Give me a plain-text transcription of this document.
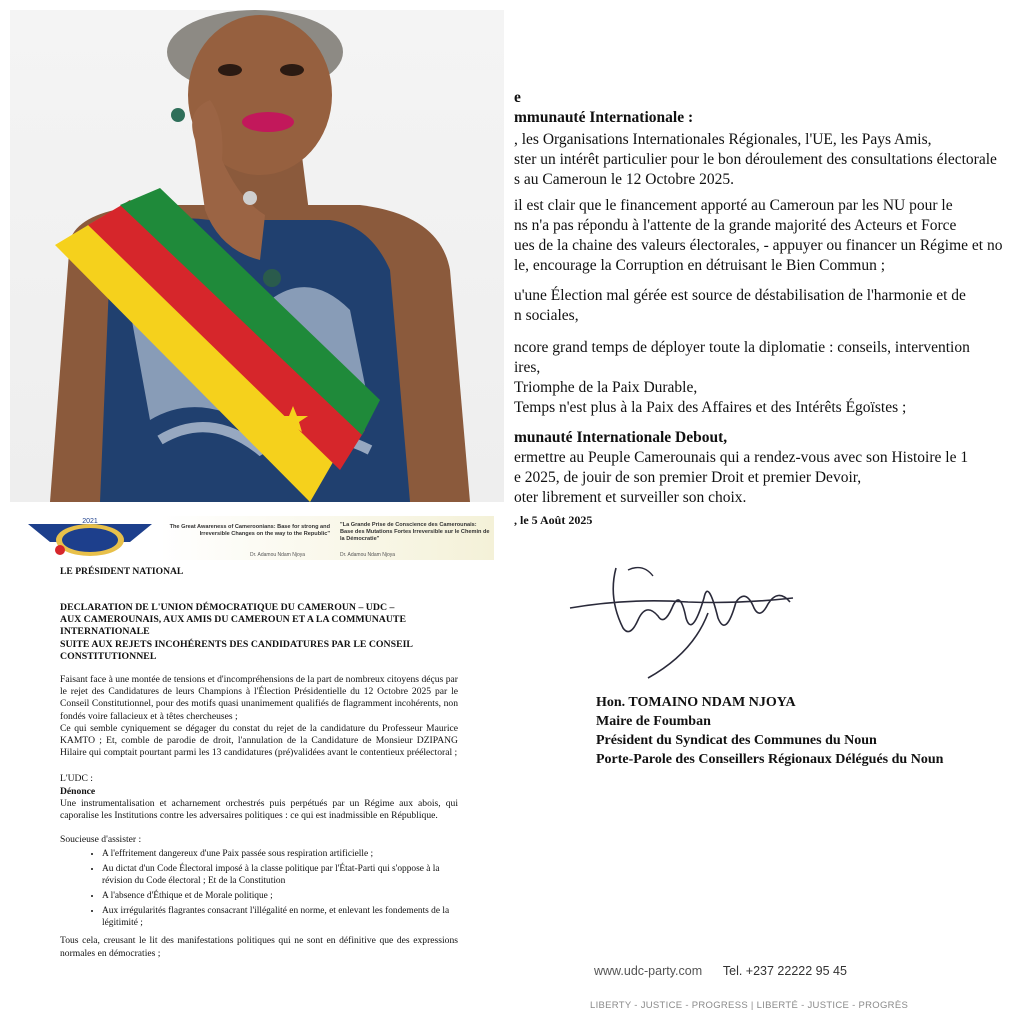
e

mmunauté Internationale :

, les Organisations Internationales Régionales, l'UE, les Pays Amis,

ster un intérêt particulier pour le bon déroulement des consultations électorale

s au Cameroun le 12 Octobre 2025.

il est clair que le financement apporté au Cameroun par les NU pour le

ns n'a pas répondu à l'attente de la grande majorité des Acteurs et Force

ues de la chaine des valeurs électorales, - appuyer ou financer un Régime et no

le, encourage la Corruption en détruisant le Bien Commun ;

u'une Élection mal gérée est source de déstabilisation de l'harmonie et de

n sociales,

ncore grand temps de déployer toute la diplomatie : conseils, intervention

ires,

Triomphe de la Paix Durable,

Temps n'est plus à la Paix des Affaires et des Intérêts Égoïstes ;

munauté Internationale Debout,

ermettre au Peuple Camerounais qui a rendez-vous avec son Histoire le 1

e 2025, de jouir de son premier Droit et premier Devoir,

oter librement et surveiller son choix.

, le 5 Août 2025

Hon. TOMAINO NDAM NJOYA

Maire de Foumban

Président du Syndicat des Communes du Noun

Porte-Parole des Conseillers Régionaux Délégués du Noun

www.udc-party.com Tel. +237 22222 95 45
LIBERTY - JUSTICE - PROGRESS | LIBERTÉ - JUSTICE - PROGRÈS
2021
The Great Awareness of Cameroonians: Base for strong and Irreversible Changes on the way to the Republic"
"La Grande Prise de Conscience des Camerounais: Base des Mutations Fortes Irreversible sur le Chemin de la Démocratie"
Dr. Adamou Ndam Njoya	Dr. Adamou Ndam Njoya
LE PRÉSIDENT NATIONAL

DECLARATION DE L'UNION DÉMOCRATIQUE DU CAMEROUN – UDC –

AUX CAMEROUNAIS, AUX AMIS DU CAMEROUN ET A LA COMMUNAUTE

INTERNATIONALE

SUITE AUX REJETS INCOHÉRENTS DES CANDIDATURES PAR LE CONSEIL

CONSTITUTIONNEL

Faisant face à une montée de tensions et d'incompréhensions de la part de nombreux citoyens déçus par le rejet des Candidatures de leurs Champions à l'Élection Présidentielle du 12 Octobre 2025 par le Conseil Constitutionnel, pour des motifs quasi unanimement qualifiés de flagramment incohérents, non fondés voire fallacieux et à têtes chercheuses ;

Ce qui semble cyniquement se dégager du constat du rejet de la candidature du Professeur Maurice KAMTO ; Et, comble de parodie de droit, l'annulation de la Candidature de Monsieur DZIPANG Hilaire qui comptait pourtant parmi les 13 candidatures (pré)validées avant le contentieux préélectoral ;

L'UDC :

Dénonce

Une instrumentalisation et acharnement orchestrés puis perpétués par un Régime aux abois, qui caporalise les Institutions contre les adversaires politiques : ce qui est inadmissible en République.

Soucieuse d'assister :

• A l'effritement dangereux d'une Paix passée sous respiration artificielle ;
• Au dictat d'un Code Électoral imposé à la classe politique par l'État-Parti qui s'oppose à la révision du Code électoral ; Et de la Constitution
• A l'absence d'Éthique et de Morale politique ;
• Aux irrégularités flagrantes consacrant l'illégalité en norme, et enlevant les fondements de la légitimité ;

Tous cela, creusant le lit des manifestations politiques qui ne sont en définitive que des expressions normales en démocraties ;
